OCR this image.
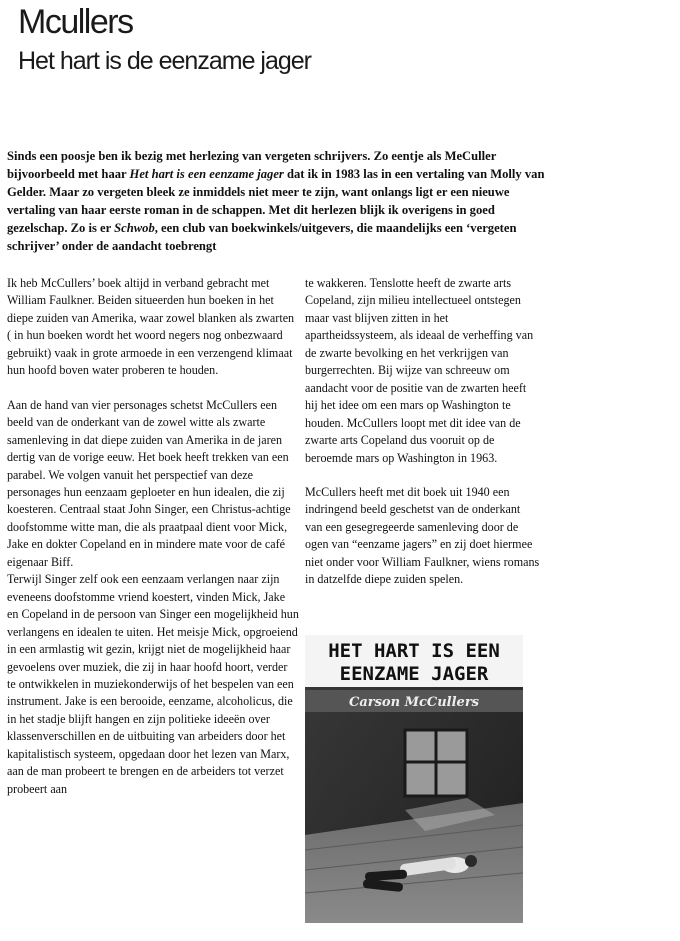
Mcullers
Het hart is de eenzame jager

Sinds een poosje ben ik bezig met herlezing van vergeten schrijvers. Zo eentje als MeCuller bijvoorbeeld met haar Het hart is een eenzame jager dat ik in 1983 las in een vertaling van Molly van Gelder. Maar zo vergeten bleek ze inmiddels niet meer te zijn, want onlangs ligt er een nieuwe vertaling van haar eerste roman in de schappen. Met dit herlezen blijk ik overigens in goed gezelschap. Zo is er Schwob, een club van boekwinkels/uitgevers, die maandelijks een ‘vergeten schrijver’ onder de aandacht toebrengt

Ik heb McCullers’ boek altijd in verband gebracht met William Faulkner. Beiden situeerden hun boeken in het diepe zuiden van Amerika, waar zowel blanken als zwarten ( in hun boeken wordt het woord negers nog onbezwaard gebruikt) vaak in grote armoede in een verzengend klimaat hun hoofd boven water proberen te houden.

Aan de hand van vier personages schetst McCullers een beeld van de onderkant van de zowel witte als zwarte samenleving in dat diepe zuiden van Amerika in de jaren dertig van de vorige eeuw. Het boek heeft trekken van een parabel. We volgen vanuit het perspectief van deze personages hun eenzaam geploeter en hun idealen, die zij koesteren. Centraal staat John Singer, een Christus-achtige doofstomme witte man, die als praatpaal dient voor Mick, Jake en dokter Copeland en in mindere mate voor de café eigenaar Biff.

Terwijl Singer zelf ook een eenzaam verlangen naar zijn eveneens doofstomme vriend koestert, vinden Mick, Jake en Copeland in de persoon van Singer een mogelijkheid hun verlangens en idealen te uiten. Het meisje Mick, opgroeiend in een armlastig wit gezin, krijgt niet de mogelijkheid haar gevoelens over muziek, die zij in haar hoofd hoort, verder te ontwikkelen in muziekonderwijs of het bespelen van een instrument. Jake is een berooide, eenzame, alcoholicus, die in het stadje blijft hangen en zijn politieke ideeën over klassenverschillen en de uitbuiting van arbeiders door het kapitalistisch systeem, opgedaan door het lezen van Marx, aan de man probeert te brengen en de arbeiders tot verzet probeert aan

te wakkeren. Tenslotte heeft de zwarte arts Copeland, zijn milieu intellectueel ontstegen maar vast blijven zitten in het apartheidssysteem, als ideaal de verheffing van de zwarte bevolking en het verkrijgen van burgerrechten. Bij wijze van schreeuw om aandacht voor de positie van de zwarten heeft hij het idee om een mars op Washington te houden. McCullers loopt met dit idee van de zwarte arts Copeland dus vooruit op de beroemde mars op Washington in 1963.

McCullers heeft met dit boek uit 1940 een indringend beeld geschetst van de onderkant van een gesegregeerde samenleving door de ogen van “eenzame jagers” en zij doet hiermee niet onder voor William Faulkner, wiens romans in datzelfde diepe zuiden spelen.

HET HART IS EEN
EENZAME JAGER
Carson McCullers
